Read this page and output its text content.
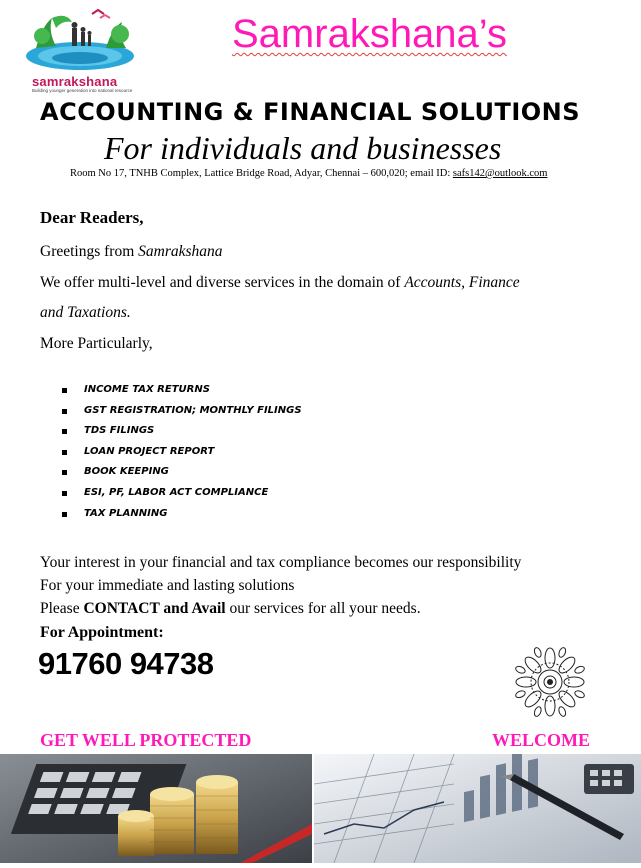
samrakshana
Building younger generation into national resource
Samrakshana’s
ACCOUNTING & FINANCIAL SOLUTIONS
For individuals and businesses
Room No 17, TNHB Complex, Lattice Bridge Road, Adyar, Chennai – 600,020; email ID: safs142@outlook.com
Dear Readers,
Greetings from Samrakshana
We offer multi-level and diverse services in the domain of Accounts, Finance
and Taxations.
More Particularly,
INCOME TAX RETURNS
GST REGISTRATION; MONTHLY FILINGS
TDS FILINGS
LOAN PROJECT REPORT
BOOK KEEPING
ESI, PF, LABOR ACT COMPLIANCE
TAX PLANNING
Your interest in your financial and tax compliance becomes our responsibility
For your immediate and lasting solutions
Please CONTACT and Avail our services for all your needs.
For Appointment:
91760 94738
GET WELL PROTECTED	WELCOME
